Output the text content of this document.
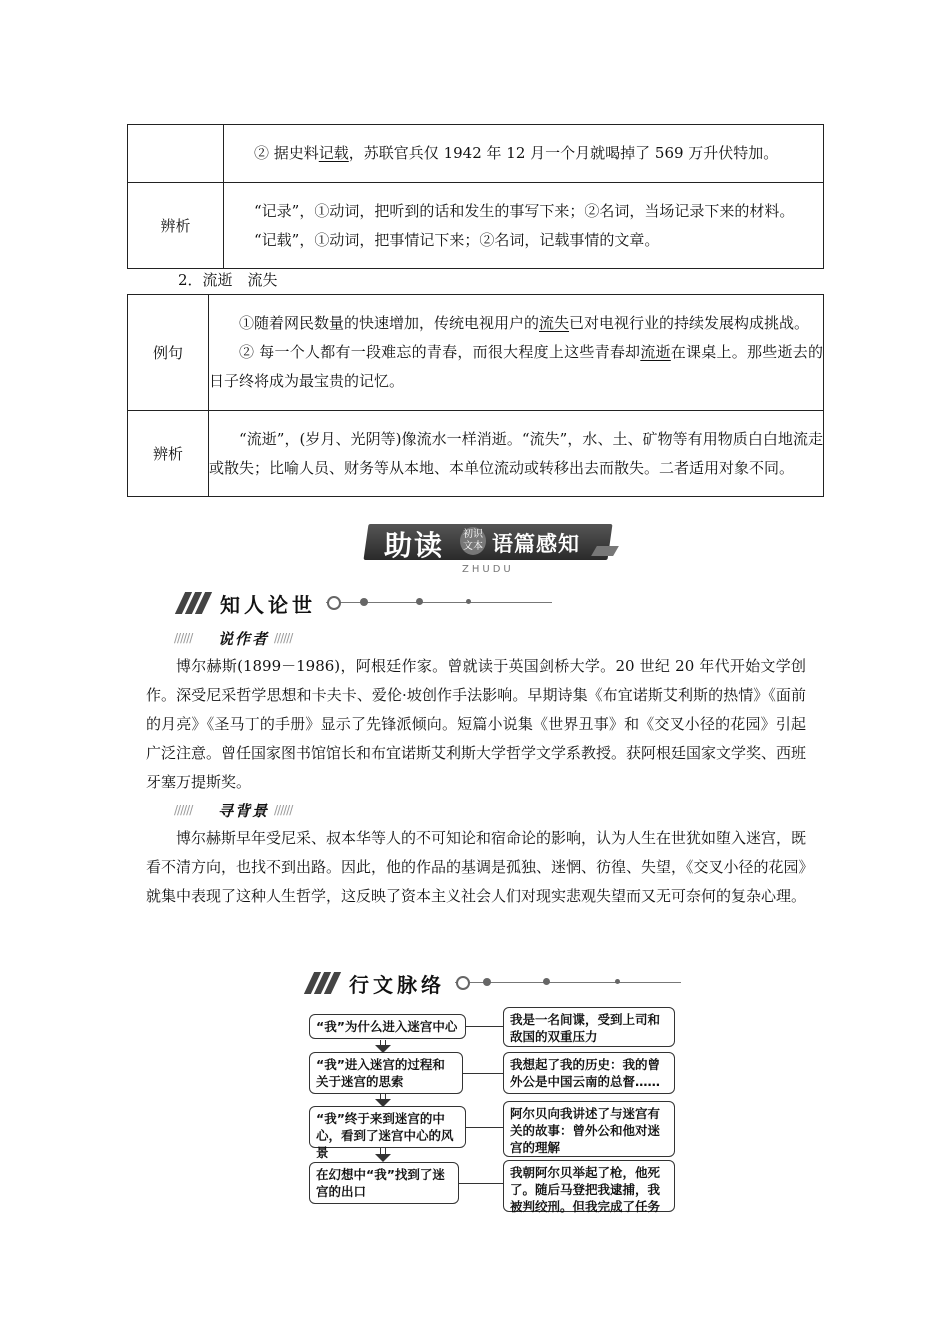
	② 据史料记载，苏联官兵仅 1942 年 12 月一个月就喝掉了 569 万升伏特加。

辨析	“记录”，①动词，把听到的话和发生的事写下来；②名词，当场记录下来的材料。

“记载”，①动词，把事情记下来；②名词，记载事情的文章。

2．流逝　流失
例句	①随着网民数量的快速增加，传统电视用户的流失已对电视行业的持续发展构成挑战。

② 每一个人都有一段难忘的青春，而很大程度上这些青春却流逝在课桌上。那些逝去的日子终将成为最宝贵的记忆。

辨析	“流逝”，(岁月、光阴等)像流水一样消逝。“流失”，水、土、矿物等有用物质白白地流走或散失；比喻人员、财务等从本地、本单位流动或转移出去而散失。二者适用对象不同。

助读	初识文本 语篇感知
ZHUDU
知人论世
////// 说作者 //////
博尔赫斯(1899－1986)，阿根廷作家。曾就读于英国剑桥大学。20 世纪 20 年代开始文学创作。深受尼采哲学思想和卡夫卡、爱伦·坡创作手法影响。早期诗集《布宜诺斯艾利斯的热情》《面前的月亮》《圣马丁的手册》显示了先锋派倾向。短篇小说集《世界丑事》和《交叉小径的花园》引起广泛注意。曾任国家图书馆馆长和布宜诺斯艾利斯大学哲学文学系教授。获阿根廷国家文学奖、西班牙塞万提斯奖。
////// 寻背景 //////
博尔赫斯早年受尼采、叔本华等人的不可知论和宿命论的影响，认为人生在世犹如堕入迷宫，既看不清方向，也找不到出路。因此，他的作品的基调是孤独、迷惘、彷徨、失望，《交叉小径的花园》就集中表现了这种人生哲学，这反映了资本主义社会人们对现实悲观失望而又无可奈何的复杂心理。
行文脉络
“我”为什么进入迷宫中心
“我”进入迷宫的过程和关于迷宫的思索
“我”终于来到迷宫的中心，看到了迷宫中心的风景
在幻想中“我”找到了迷宫的出口
我是一名间谍，受到上司和敌国的双重压力
我想起了我的历史：我的曾外公是中国云南的总督……
阿尔贝向我讲述了与迷宫有关的故事：曾外公和他对迷宫的理解
我朝阿尔贝举起了枪，他死了。随后马登把我逮捕，我被判绞刑。但我完成了任务
